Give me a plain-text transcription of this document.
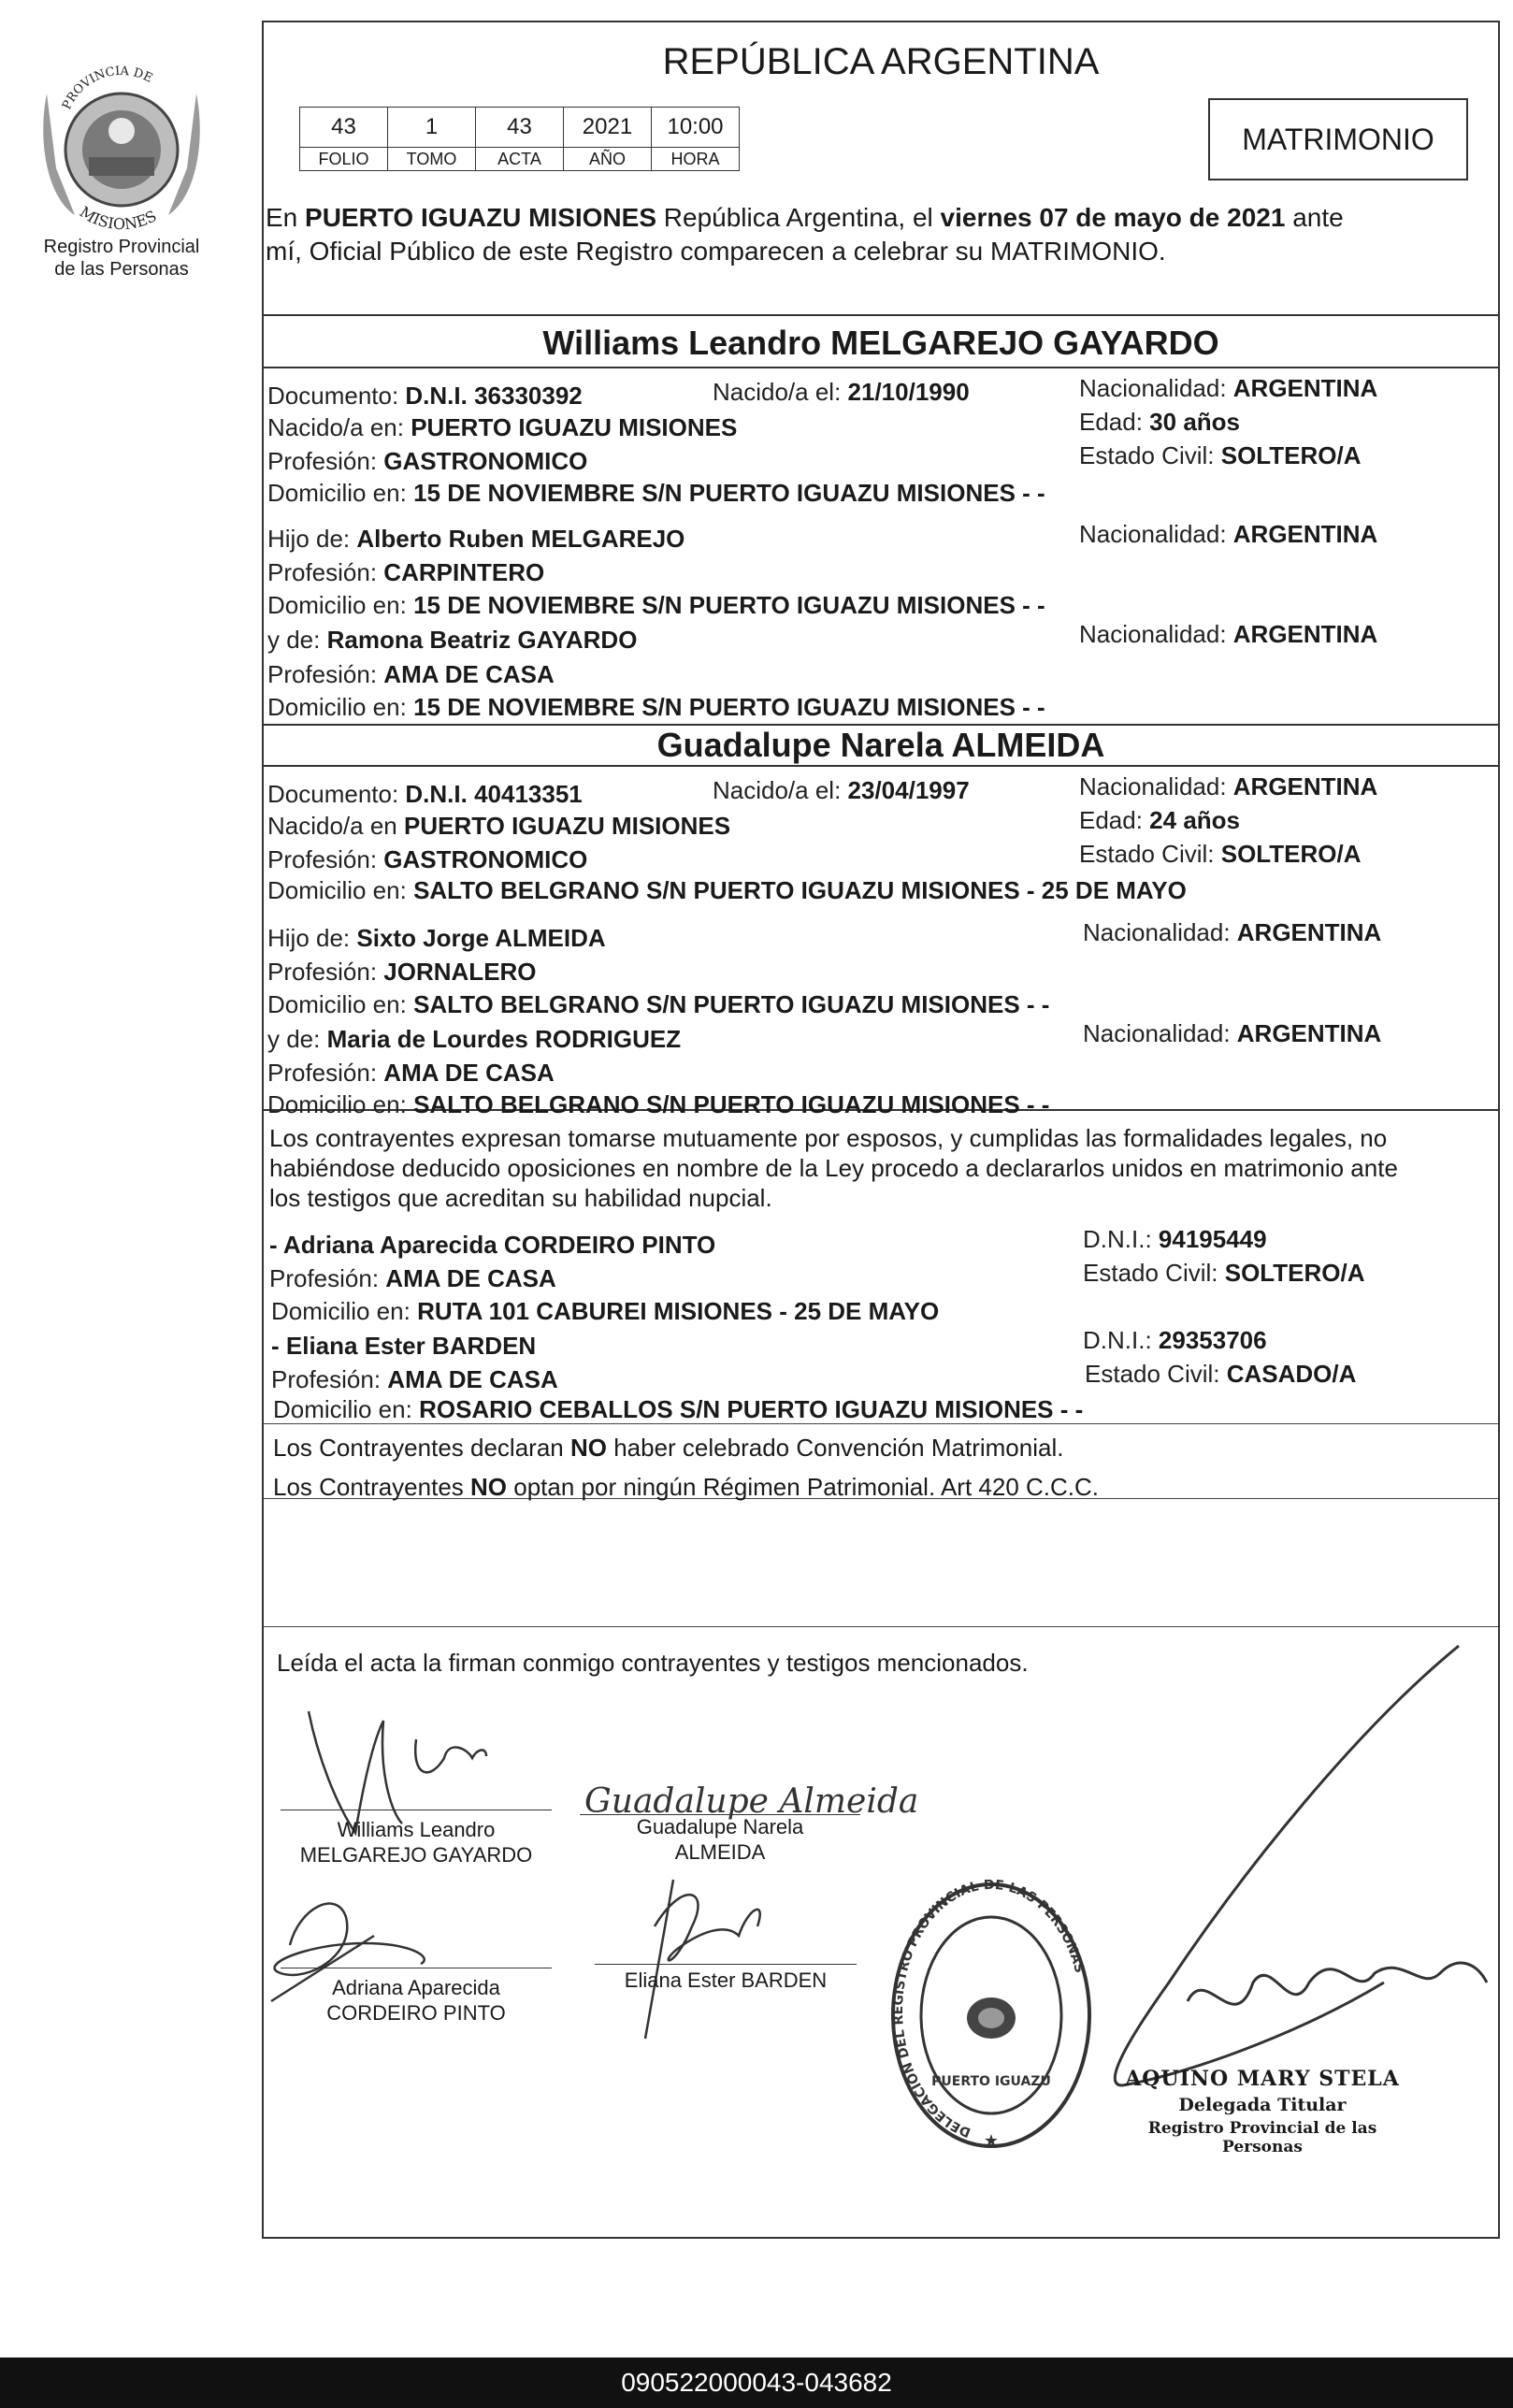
PROVINCIA DE
MISIONES
Registro Provincial
de las Personas
REPÚBLICA ARGENTINA
43	1	43	2021	10:00
FOLIO	TOMO	ACTA	AÑO	HORA
MATRIMONIO
En PUERTO IGUAZU MISIONES República Argentina, el viernes 07 de mayo de 2021 ante
mí, Oficial Público de este Registro comparecen a celebrar su MATRIMONIO.
Williams Leandro MELGAREJO GAYARDO
Documento: D.N.I. 36330392	Nacido/a el: 21/10/1990	Nacionalidad: ARGENTINA
Nacido/a en: PUERTO IGUAZU MISIONES	Edad: 30 años
Profesión: GASTRONOMICO	Estado Civil: SOLTERO/A
Domicilio en: 15 DE NOVIEMBRE S/N PUERTO IGUAZU MISIONES - -
Hijo de: Alberto Ruben MELGAREJO	Nacionalidad: ARGENTINA
Profesión: CARPINTERO
Domicilio en: 15 DE NOVIEMBRE S/N PUERTO IGUAZU MISIONES - -
y de: Ramona Beatriz GAYARDO	Nacionalidad: ARGENTINA
Profesión: AMA DE CASA
Domicilio en: 15 DE NOVIEMBRE S/N PUERTO IGUAZU MISIONES - -
Guadalupe Narela ALMEIDA
Documento: D.N.I. 40413351	Nacido/a el: 23/04/1997	Nacionalidad: ARGENTINA
Nacido/a en PUERTO IGUAZU MISIONES	Edad: 24 años
Profesión: GASTRONOMICO	Estado Civil: SOLTERO/A
Domicilio en: SALTO BELGRANO S/N PUERTO IGUAZU MISIONES - 25 DE MAYO
Hijo de: Sixto Jorge ALMEIDA	Nacionalidad: ARGENTINA
Profesión: JORNALERO
Domicilio en: SALTO BELGRANO S/N PUERTO IGUAZU MISIONES - -
y de: Maria de Lourdes RODRIGUEZ	Nacionalidad: ARGENTINA
Profesión: AMA DE CASA
Domicilio en: SALTO BELGRANO S/N PUERTO IGUAZU MISIONES - -
Los contrayentes expresan tomarse mutuamente por esposos, y cumplidas las formalidades legales, no
habiéndose deducido oposiciones en nombre de la Ley procedo a declararlos unidos en matrimonio ante
los testigos que acreditan su habilidad nupcial.
- Adriana Aparecida CORDEIRO PINTO	D.N.I.: 94195449
Profesión: AMA DE CASA	Estado Civil: SOLTERO/A
Domicilio en: RUTA 101 CABUREI MISIONES - 25 DE MAYO
- Eliana Ester BARDEN	D.N.I.: 29353706
Profesión: AMA DE CASA	Estado Civil: CASADO/A
Domicilio en: ROSARIO CEBALLOS S/N PUERTO IGUAZU MISIONES - -
Los Contrayentes declaran NO haber celebrado Convención Matrimonial.
Los Contrayentes NO optan por ningún Régimen Patrimonial. Art 420 C.C.C.
Leída el acta la firman conmigo contrayentes y testigos mencionados.
Guadalupe Almeida
Williams Leandro
MELGAREJO GAYARDO
Guadalupe Narela
ALMEIDA
Adriana Aparecida
CORDEIRO PINTO
Eliana Ester BARDEN
DELEGACION DEL REGISTRO PROVINCIAL DE LAS PERSONAS
PUERTO IGUAZU
★
AQUINO MARY STELA
Delegada Titular
Registro Provincial de las Personas
090522000043-043682
